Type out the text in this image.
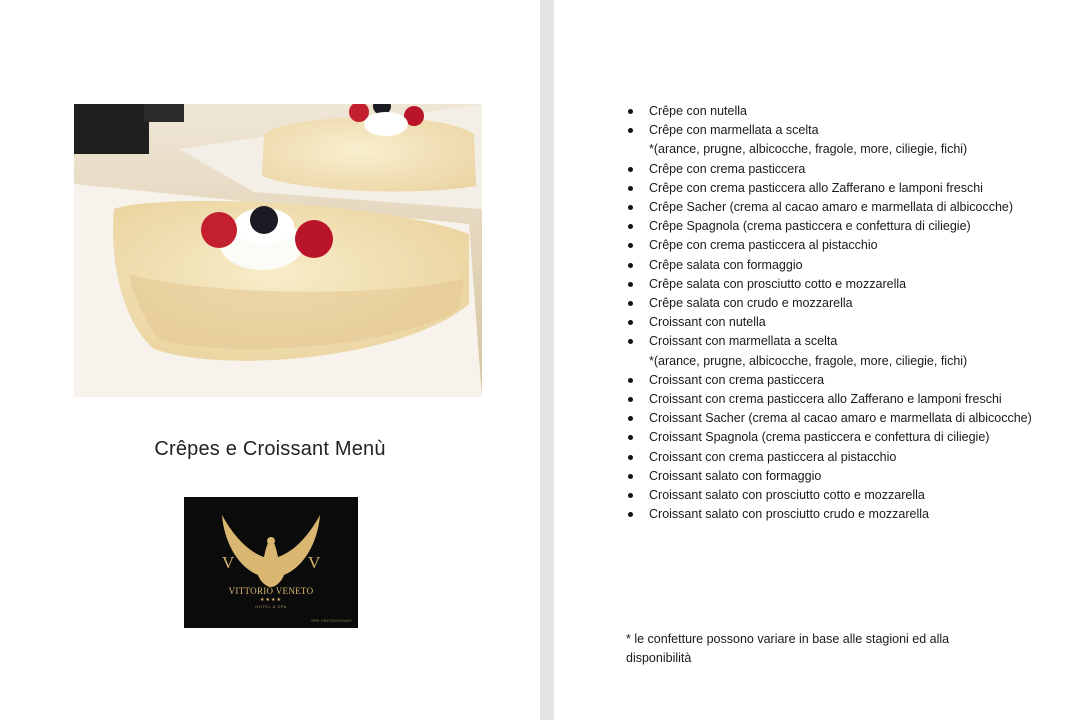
Crêpes e Croissant Menù
V	V
VITTORIO VENETO
★★★★
HOTEL & SPA
RRE CRITOELEGANT
Crêpe con nutella
Crêpe con marmellata a scelta
*(arance, prugne, albicocche, fragole, more, ciliegie, fichi)
Crêpe con crema pasticcera
Crêpe con crema pasticcera allo Zafferano e lamponi freschi
Crêpe Sacher (crema al cacao amaro e marmellata di albicocche)
Crêpe Spagnola (crema pasticcera e confettura di ciliegie)
Crêpe con crema pasticcera al pistacchio
Crêpe salata con formaggio
Crêpe salata con prosciutto cotto e mozzarella
Crêpe salata con crudo e mozzarella
Croissant con nutella
Croissant con marmellata a scelta
*(arance, prugne, albicocche, fragole, more, ciliegie, fichi)
Croissant con crema pasticcera
Croissant con crema pasticcera allo Zafferano e lamponi freschi
Croissant Sacher (crema al cacao amaro e marmellata di albicocche)
Croissant Spagnola (crema pasticcera e confettura di ciliegie)
Croissant con crema pasticcera al pistacchio
Croissant salato con formaggio
Croissant salato con prosciutto cotto e mozzarella
Croissant salato con prosciutto crudo e mozzarella
* le confetture possono variare in base alle stagioni ed alla disponibilità
